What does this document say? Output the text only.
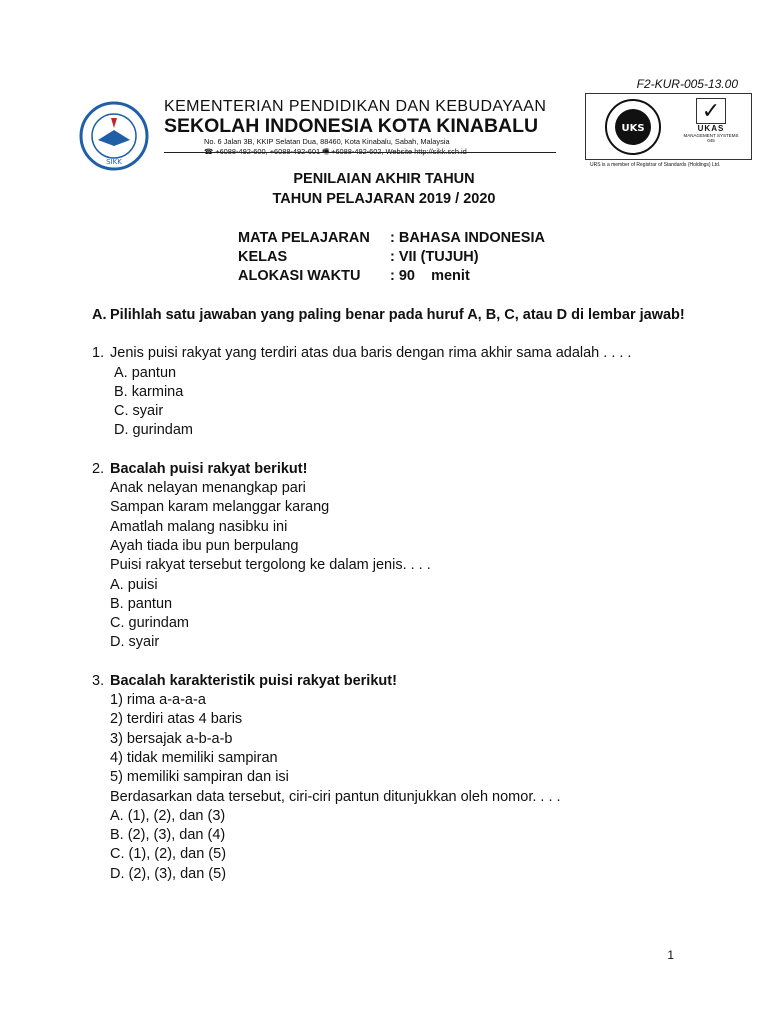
F2-KUR-005-13.00
SIKK
KEMENTERIAN PENDIDIKAN DAN KEBUDAYAAN
SEKOLAH INDONESIA KOTA KINABALU
No. 6 Jalan 3B, KKIP Selatan Dua, 88460, Kota Kinabalu, Sabah, Malaysia
☎ +6088-492-600, +6088-492-601 🖷 +6088-492-602, Website http://sikk.sch.id
UKS
✓
UKAS
MANAGEMENT SYSTEMS
045
URS is a member of Registrar of Standards (Holdings) Ltd.
PENILAIAN AKHIR TAHUN
TAHUN PELAJARAN 2019 / 2020
MATA PELAJARAN	: BAHASA INDONESIA
KELAS	: VII (TUJUH)
ALOKASI WAKTU	: 90    menit
A. Pilihlah satu jawaban yang paling benar pada huruf A, B, C, atau D di lembar jawab!
1. Jenis puisi rakyat yang terdiri atas dua baris dengan rima akhir sama adalah . . . .
A. pantun
B. karmina
C. syair
D. gurindam
2. Bacalah puisi rakyat berikut!
Anak nelayan menangkap pari
Sampan karam melanggar karang
Amatlah malang nasibku ini
Ayah tiada ibu pun berpulang
Puisi rakyat tersebut tergolong ke dalam jenis. . . .
A. puisi
B. pantun
C. gurindam
D. syair
3. Bacalah karakteristik puisi rakyat berikut!
1) rima a-a-a-a
2) terdiri atas 4 baris
3) bersajak a-b-a-b
4) tidak memiliki sampiran
5) memiliki sampiran dan isi
Berdasarkan data tersebut, ciri-ciri pantun ditunjukkan oleh nomor. . . .
A. (1), (2), dan (3)
B. (2), (3), dan (4)
C. (1), (2), dan (5)
D. (2), (3), dan (5)
1
